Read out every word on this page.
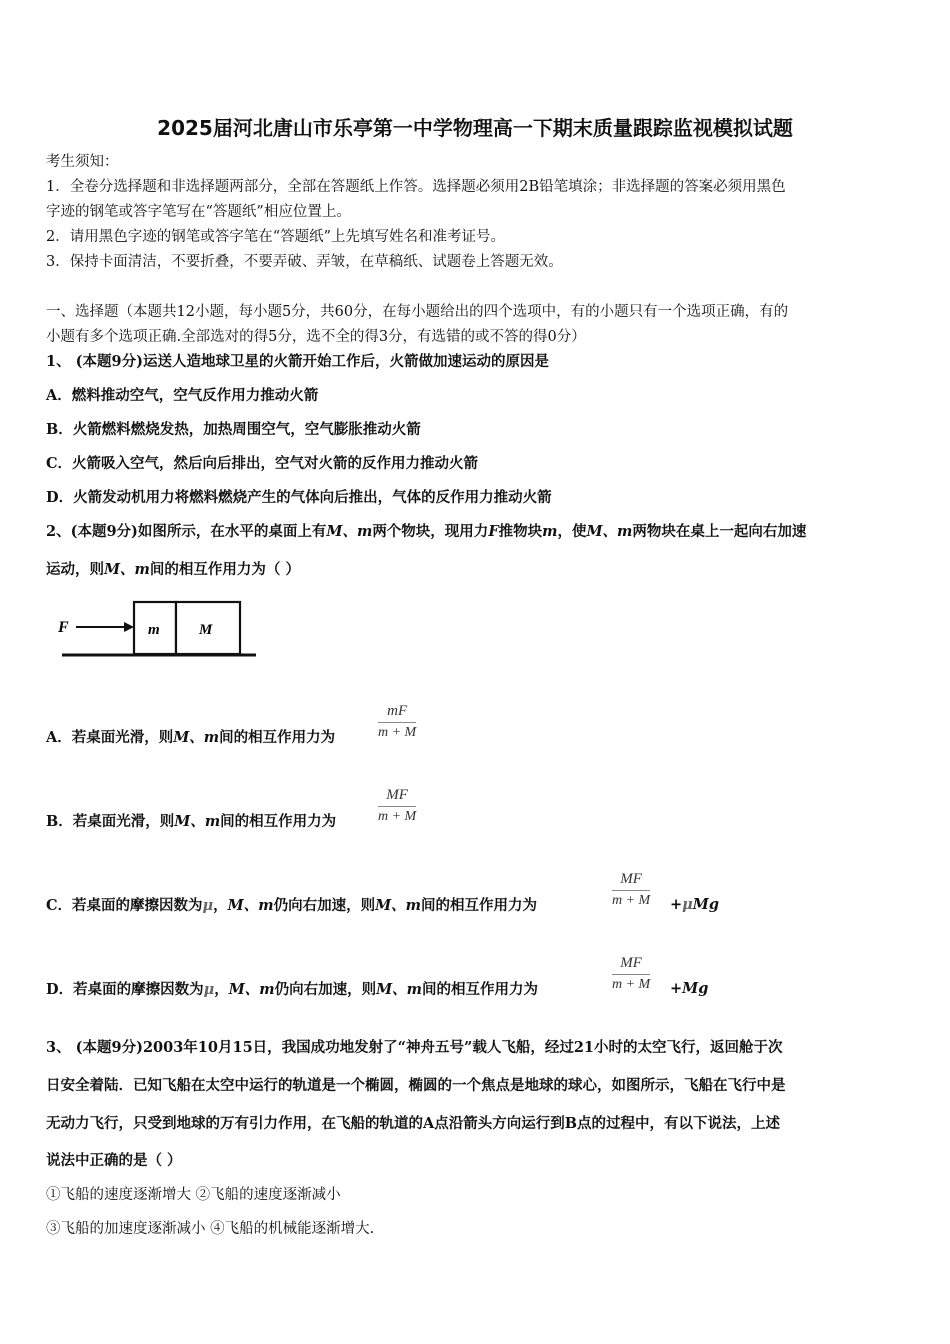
2025届河北唐山市乐亭第一中学物理高一下期末质量跟踪监视模拟试题
考生须知：
1．全卷分选择题和非选择题两部分，全部在答题纸上作答。选择题必须用2B铅笔填涂；非选择题的答案必须用黑色
字迹的钢笔或答字笔写在“答题纸”相应位置上。
2．请用黑色字迹的钢笔或答字笔在“答题纸”上先填写姓名和准考证号。
3．保持卡面清洁，不要折叠，不要弄破、弄皱，在草稿纸、试题卷上答题无效。
一、选择题（本题共12小题，每小题5分，共60分，在每小题给出的四个选项中，有的小题只有一个选项正确，有的
小题有多个选项正确.全部选对的得5分，选不全的得3分，有选错的或不答的得0分）
1、 (本题9分)运送人造地球卫星的火箭开始工作后，火箭做加速运动的原因是
A．燃料推动空气，空气反作用力推动火箭
B．火箭燃料燃烧发热，加热周围空气，空气膨胀推动火箭
C．火箭吸入空气，然后向后排出，空气对火箭的反作用力推动火箭
D．火箭发动机用力将燃料燃烧产生的气体向后推出，气体的反作用力推动火箭
2、(本题9分)如图所示，在水平的桌面上有M、m两个物块，现用力F推物块m，使M、m两物块在桌上一起向右加速
运动，则M、m间的相互作用力为（ ）
F	m	M
A．若桌面光滑，则M、m间的相互作用力为	$\frac{mF}{m + M}$
B．若桌面光滑，则M、m间的相互作用力为	$\frac{MF}{m + M}$
C．若桌面的摩擦因数为μ，M、m仍向右加速，则M、m间的相互作用力为	$\frac{MF}{m + M} +\mu Mg$
D．若桌面的摩擦因数为μ，M、m仍向右加速，则M、m间的相互作用力为	$\frac{MF}{m + M} +Mg$
3、 (本题9分)2003年10月15日，我国成功地发射了“神舟五号”载人飞船，经过21小时的太空飞行，返回舱于次
日安全着陆．已知飞船在太空中运行的轨道是一个椭圆，椭圆的一个焦点是地球的球心，如图所示，飞船在飞行中是
无动力飞行，只受到地球的万有引力作用，在飞船的轨道的A点沿箭头方向运行到B点的过程中，有以下说法，上述
说法中正确的是（ ）
①飞船的速度逐渐增大 ②飞船的速度逐渐减小
③飞船的加速度逐渐减小 ④飞船的机械能逐渐增大.
